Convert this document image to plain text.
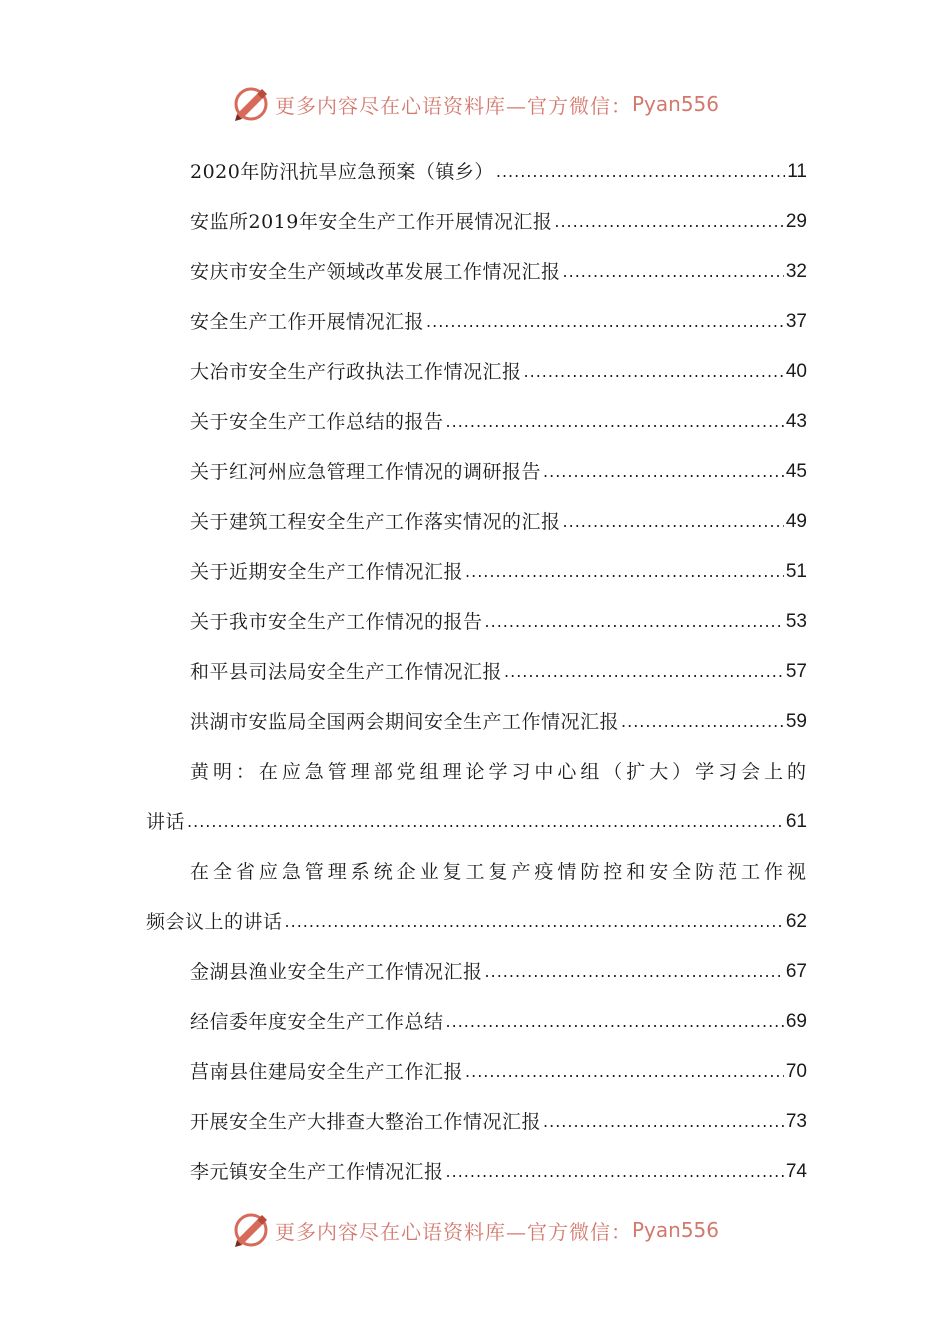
更多内容尽在心语资料库—官方微信： Pyan556
2020年防汛抗旱应急预案（镇乡） .....	11
安监所2019年安全生产工作开展情况汇报 .....	29
安庆市安全生产领域改革发展工作情况汇报 .....	32
安全生产工作开展情况汇报 .....	37
大冶市安全生产行政执法工作情况汇报 .....	40
关于安全生产工作总结的报告 .....	43
关于红河州应急管理工作情况的调研报告 .....	45
关于建筑工程安全生产工作落实情况的汇报 .....	49
关于近期安全生产工作情况汇报 .....	51
关于我市安全生产工作情况的报告 .....	53
和平县司法局安全生产工作情况汇报 .....	57
洪湖市安监局全国两会期间安全生产工作情况汇报 .....	59
黄明：在应急管理部党组理论学习中心组（扩大）学习会上的
讲话 .....	61
在全省应急管理系统企业复工复产疫情防控和安全防范工作视
频会议上的讲话 .....	62
金湖县渔业安全生产工作情况汇报 .....	67
经信委年度安全生产工作总结 .....	69
莒南县住建局安全生产工作汇报 .....	70
开展安全生产大排查大整治工作情况汇报 .....	73
李元镇安全生产工作情况汇报 .....	74
更多内容尽在心语资料库—官方微信： Pyan556
